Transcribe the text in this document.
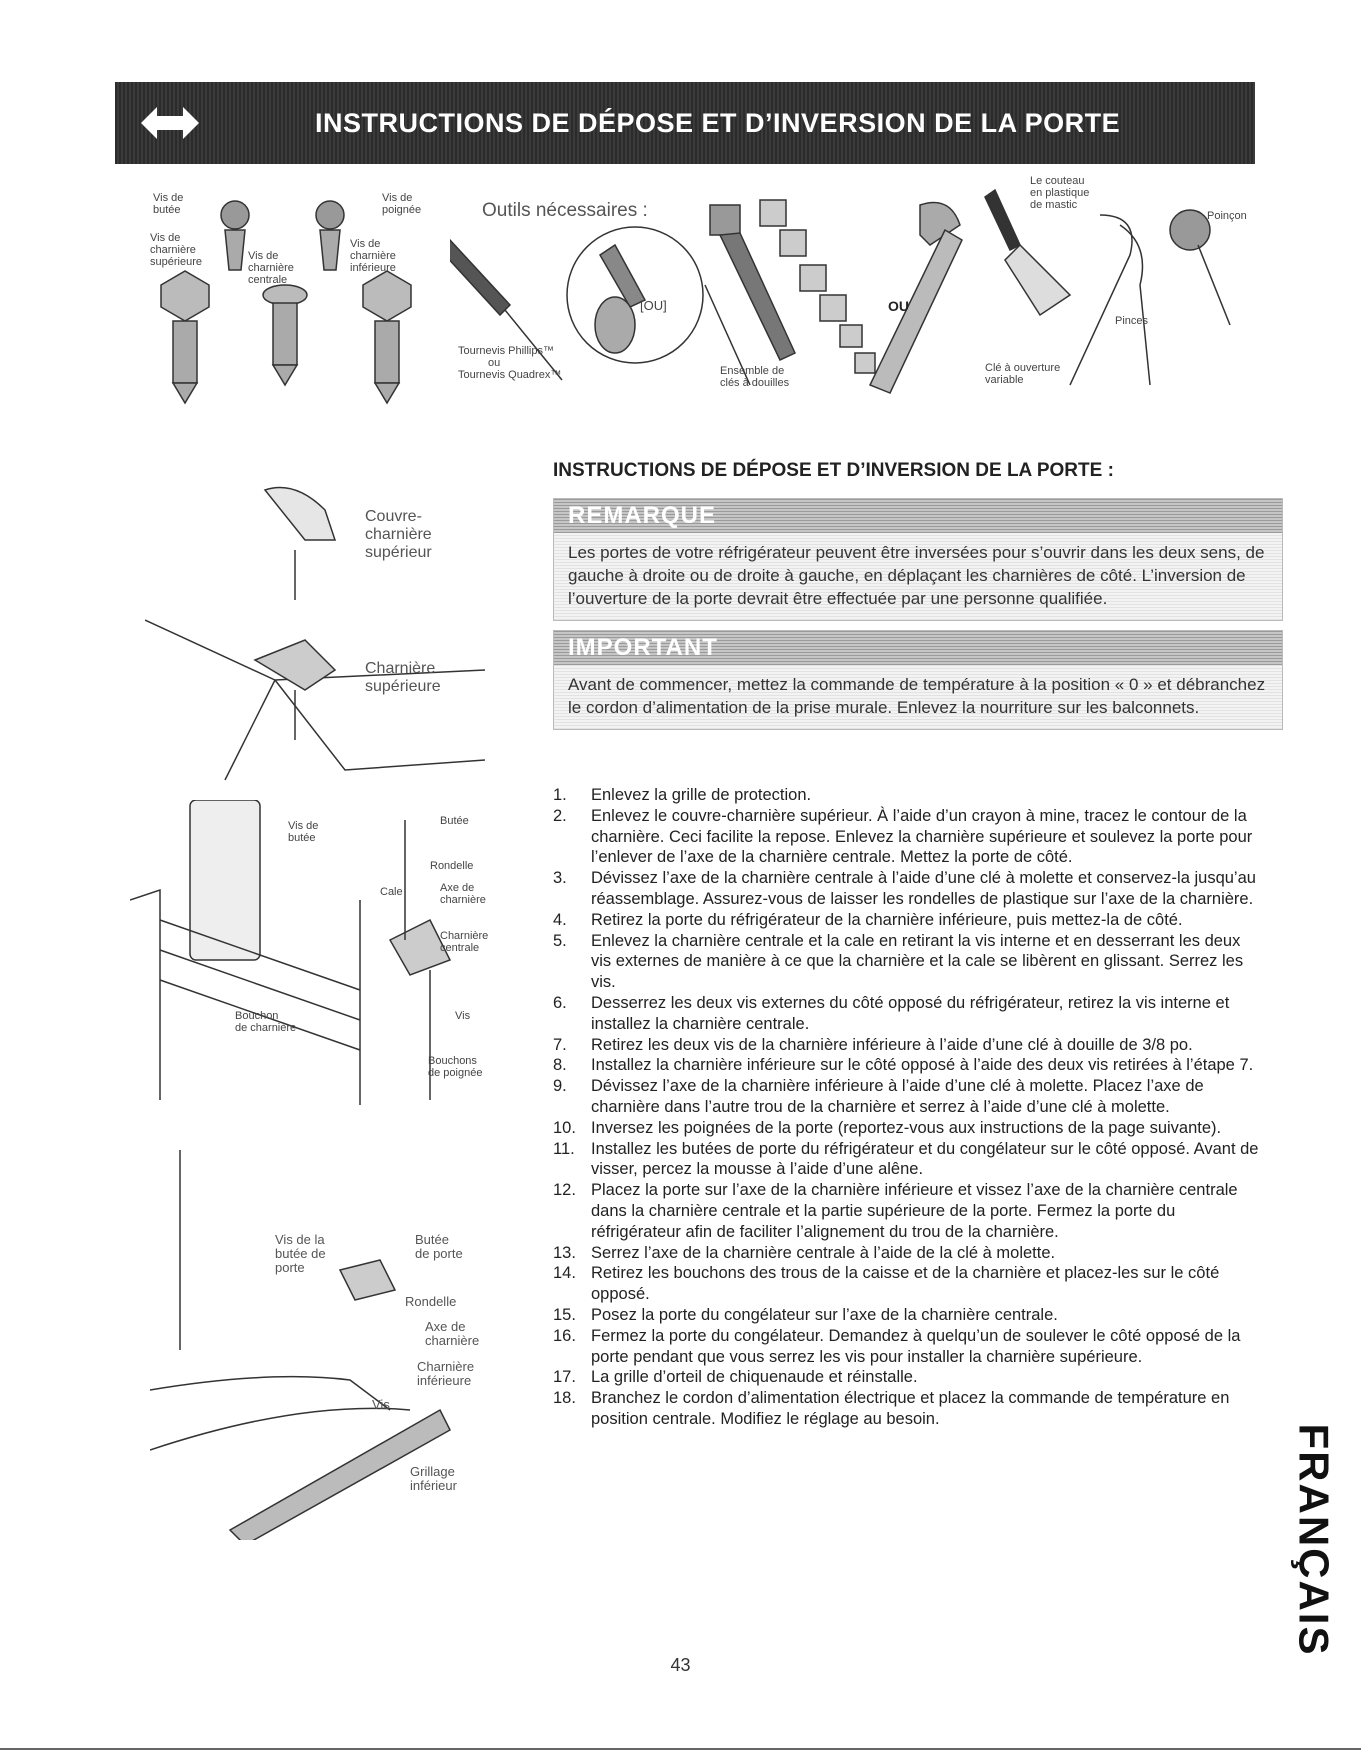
INSTRUCTIONS DE DÉPOSE ET D’INVERSION DE LA PORTE
Vis de
butée
Vis de
poignée
Vis de
charnière
supérieure
Vis de
charnière
inférieure
Vis de
charnière
centrale
Outils nécessaires :
Tournevis Phillips™
ou
Tournevis Quadrex™
[OU]
Ensemble de
clés à douilles
OU
Clé à ouverture
variable
Le couteau
en plastique
de mastic
Pinces
Poinçon
Couvre-
charnière
supérieur
Charnière
supérieure
Vis de
butée
Butée
Rondelle
Cale	Axe de
charnière
Charnière
centrale
Vis
Bouchon
de charnière
Bouchons
de poignée
Vis de la
butée de
porte
Butée
de porte
Rondelle
Axe de
charnière
Charnière
inférieure
Vis
Grillage
inférieur
INSTRUCTIONS DE DÉPOSE ET D’INVERSION DE LA PORTE :
REMARQUE
Les portes de votre réfrigérateur peuvent être inversées pour s’ouvrir dans les deux sens, de gauche à droite ou de droite à gauche, en déplaçant les charnières de côté. L’inversion de l’ouverture de la porte devrait être effectuée par une personne qualifiée.
IMPORTANT
Avant de commencer, mettez la commande de température à la position « 0 » et débranchez le cordon d’alimentation de la prise murale. Enlevez la nourriture sur les balconnets.
1.	Enlevez la grille de protection.
2.	Enlevez le couvre-charnière supérieur. À l’aide d’un crayon à mine, tracez le contour de la charnière. Ceci facilite la repose. Enlevez la charnière supérieure et soulevez la porte pour l’enlever de l’axe de la charnière centrale. Mettez la porte de côté.
3.	Dévissez l’axe de la charnière centrale à l’aide d’une clé à molette et conservez-la jusqu’au réassemblage. Assurez-vous de laisser les rondelles de plastique sur l’axe de la charnière.
4.	Retirez la porte du réfrigérateur de la charnière inférieure, puis mettez-la de côté.
5.	Enlevez la charnière centrale et la cale en retirant la vis interne et en desserrant les deux vis externes de manière à ce que la charnière et la cale se libèrent en glissant. Serrez les vis.
6.	Desserrez les deux vis externes du côté opposé du réfrigérateur, retirez la vis interne et installez la charnière centrale.
7.	Retirez les deux vis de la charnière inférieure à l’aide d’une clé à douille de 3/8 po.
8.	Installez la charnière inférieure sur le côté opposé à l’aide des deux vis retirées à l’étape 7.
9.	Dévissez l’axe de la charnière inférieure à l’aide d’une clé à molette. Placez l’axe de charnière dans l’autre trou de la charnière et serrez à l’aide d’une clé à molette.
10. Inversez les poignées de la porte (reportez-vous aux instructions de la page suivante).
11. Installez les butées de porte du réfrigérateur et du congélateur sur le côté opposé. Avant de visser, percez la mousse à l’aide d’une alêne.
12. Placez la porte sur l’axe de la charnière inférieure et vissez l’axe de la charnière centrale dans la charnière centrale et la partie supérieure de la porte. Fermez la porte du réfrigérateur afin de faciliter l’alignement du trou de la charnière.
13. Serrez l’axe de la charnière centrale à l’aide de la clé à molette.
14. Retirez les bouchons des trous de la caisse et de la charnière et placez-les sur le côté opposé.
15. Posez la porte du congélateur sur l’axe de la charnière centrale.
16. Fermez la porte du congélateur. Demandez à quelqu’un de soulever le côté opposé de la porte pendant que vous serrez les vis pour installer la charnière supérieure.
17. La grille d’orteil de chiquenaude et réinstalle.
18. Branchez le cordon d’alimentation électrique et placez la commande de température en position centrale. Modifiez le réglage au besoin.
FRANÇAIS
43
